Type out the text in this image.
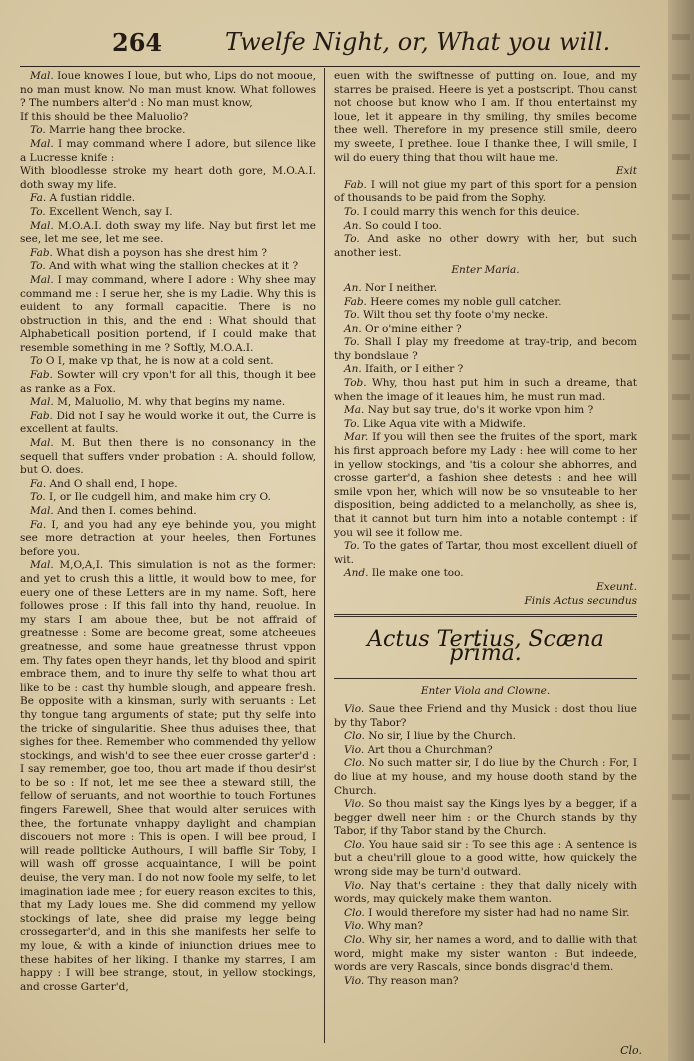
264	Twelfe Night, or, What you will.

Mal. Ioue knowes I loue, but who, Lips do not mooue, no man must know. No man must know. What followes ? The numbers alter'd : No man must know,

If this should be thee Maluolio?

To. Marrie hang thee brocke.

Mal. I may command where I adore, but silence like a Lucresse knife :

With bloodlesse stroke my heart doth gore, M.O.A.I. doth sway my life.

Fa. A fustian riddle.

To. Excellent Wench, say I.

Mal. M.O.A.I. doth sway my life. Nay but first let me see, let me see, let me see.

Fab. What dish a poyson has she drest him ?

To. And with what wing the stallion checkes at it ?

Mal. I may command, where I adore : Why shee may command me : I serue her, she is my Ladie. Why this is euident to any formall capacitie. There is no obstruction in this, and the end : What should that Alphabeticall position portend, if I could make that resemble something in me ? Softly, M.O.A.I.

To O I, make vp that, he is now at a cold sent.

Fab. Sowter will cry vpon't for all this, though it bee as ranke as a Fox.

Mal. M, Maluolio, M. why that begins my name.

Fab. Did not I say he would worke it out, the Curre is excellent at faults.

Mal. M. But then there is no consonancy in the sequell that suffers vnder probation : A. should follow, but O. does.

Fa. And O shall end, I hope.

To. I, or Ile cudgell him, and make him cry O.

Mal. And then I. comes behind.

Fa. I, and you had any eye behinde you, you might see more detraction at your heeles, then Fortunes before you.

Mal. M,O,A,I. This simulation is not as the former: and yet to crush this a little, it would bow to mee, for euery one of these Letters are in my name. Soft, here followes prose : If this fall into thy hand, reuolue. In my stars I am aboue thee, but be not affraid of greatnesse : Some are become great, some atcheeues greatnesse, and some haue greatnesse thrust vppon em. Thy fates open theyr hands, let thy blood and spirit embrace them, and to inure thy selfe to what thou art like to be : cast thy humble slough, and appeare fresh. Be opposite with a kinsman, surly with seruants : Let thy tongue tang arguments of state; put thy selfe into the tricke of singularitie. Shee thus aduises thee, that sighes for thee. Remember who commended thy yellow stockings, and wish'd to see thee euer crosse garter'd : I say remember, goe too, thou art made if thou desir'st to be so : If not, let me see thee a steward still, the fellow of seruants, and not woorthie to touch Fortunes fingers Farewell, Shee that would alter seruices with thee, the fortunate vnhappy daylight and champian discouers not more : This is open. I will bee proud, I will reade pollticke Authours, I will baffle Sir Toby, I will wash off grosse acquaintance, I will be point deuise, the very man. I do not now foole my selfe, to let imagination iade mee ; for euery reason excites to this, that my Lady loues me. She did commend my yellow stockings of late, shee did praise my legge being crossegarter'd, and in this she manifests her selfe to my loue, & with a kinde of iniunction driues mee to these habites of her liking. I thanke my starres, I am happy : I will bee strange, stout, in yellow stockings, and crosse Garter'd,

euen with the swiftnesse of putting on. Ioue, and my starres be praised. Heere is yet a postscript. Thou canst not choose but know who I am. If thou entertainst my loue, let it appeare in thy smiling, thy smiles become thee well. Therefore in my presence still smile, deero my sweete, I prethee. Ioue I thanke thee, I will smile, I wil do euery thing that thou wilt haue me.

Exit

Fab. I will not giue my part of this sport for a pension of thousands to be paid from the Sophy.

To. I could marry this wench for this deuice.

An. So could I too.

To. And aske no other dowry with her, but such another iest.

Enter Maria.

An. Nor I neither.

Fab. Heere comes my noble gull catcher.

To. Wilt thou set thy foote o'my necke.

An. Or o'mine either ?

To. Shall I play my freedome at tray-trip, and becom thy bondslaue ?

An. Ifaith, or I either ?

Tob. Why, thou hast put him in such a dreame, that when the image of it leaues him, he must run mad.

Ma. Nay but say true, do's it worke vpon him ?

To. Like Aqua vite with a Midwife.

Mar. If you will then see the fruites of the sport, mark his first approach before my Lady : hee will come to her in yellow stockings, and 'tis a colour she abhorres, and crosse garter'd, a fashion shee detests : and hee will smile vpon her, which will now be so vnsuteable to her disposition, being addicted to a melancholly, as shee is, that it cannot but turn him into a notable contempt : if you wil see it follow me.

To. To the gates of Tartar, thou most excellent diuell of wit.

And. Ile make one too.

Exeunt.

Finis Actus secundus

Actus Tertius, Scæna prima.

Enter Viola and Clowne.

Vio. Saue thee Friend and thy Musick : dost thou liue by thy Tabor?

Clo. No sir, I liue by the Church.

Vio. Art thou a Churchman?

Clo. No such matter sir, I do liue by the Church : For, I do liue at my house, and my house dooth stand by the Church.

Vio. So thou maist say the Kings lyes by a begger, if a begger dwell neer him : or the Church stands by thy Tabor, if thy Tabor stand by the Church.

Clo. You haue said sir : To see this age : A sentence is but a cheu'rill gloue to a good witte, how quickely the wrong side may be turn'd outward.

Vio. Nay that's certaine : they that dally nicely with words, may quickely make them wanton.

Clo. I would therefore my sister had had no name Sir.

Vio. Why man?

Clo. Why sir, her names a word, and to dallie with that word, might make my sister wanton : But indeede, words are very Rascals, since bonds disgrac'd them.

Vio. Thy reason man?

Clo.
